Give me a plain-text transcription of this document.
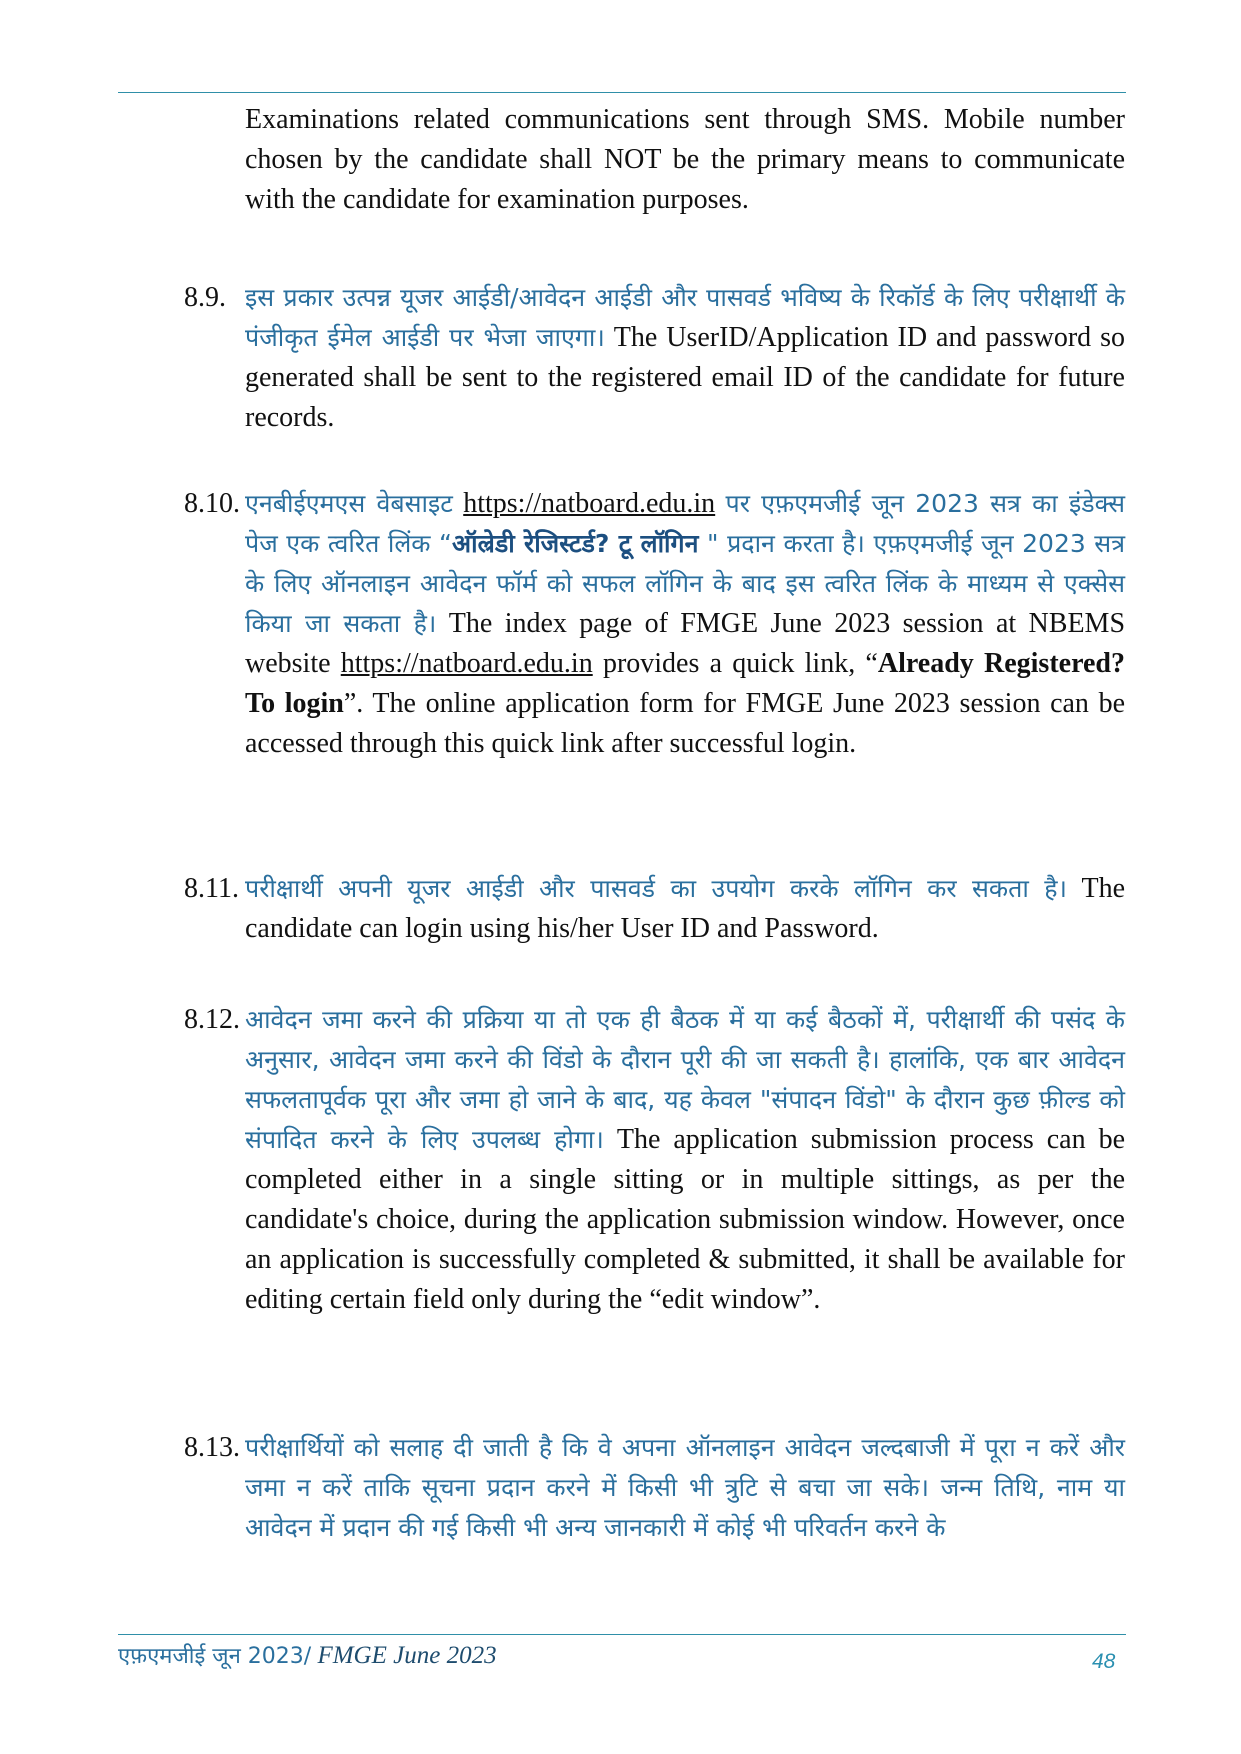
Examinations related communications sent through SMS. Mobile number chosen by the candidate shall NOT be the primary means to communicate with the candidate for examination purposes.
8.9. इस प्रकार उत्पन्न यूजर आईडी/आवेदन आईडी और पासवर्ड भविष्य के रिकॉर्ड के लिए परीक्षार्थी के पंजीकृत ईमेल आईडी पर भेजा जाएगा। The UserID/Application ID and password so generated shall be sent to the registered email ID of the candidate for future records.
8.10. एनबीईएमएस वेबसाइट https://natboard.edu.in पर एफ़एमजीई जून 2023 सत्र का इंडेक्स पेज एक त्वरित लिंक “ऑल्रेडी रेजिस्टर्ड? टू लॉगिन " प्रदान करता है। एफ़एमजीई जून 2023 सत्र के लिए ऑनलाइन आवेदन फॉर्म को सफल लॉगिन के बाद इस त्वरित लिंक के माध्यम से एक्सेस किया जा सकता है। The index page of FMGE June 2023 session at NBEMS website https://natboard.edu.in provides a quick link, “Already Registered? To login”. The online application form for FMGE June 2023 session can be accessed through this quick link after successful login.
8.11. परीक्षार्थी अपनी यूजर आईडी और पासवर्ड का उपयोग करके लॉगिन कर सकता है। The candidate can login using his/her User ID and Password.
8.12. आवेदन जमा करने की प्रक्रिया या तो एक ही बैठक में या कई बैठकों में, परीक्षार्थी की पसंद के अनुसार, आवेदन जमा करने की विंडो के दौरान पूरी की जा सकती है। हालांकि, एक बार आवेदन सफलतापूर्वक पूरा और जमा हो जाने के बाद, यह केवल "संपादन विंडो" के दौरान कुछ फ़ील्ड को संपादित करने के लिए उपलब्ध होगा। The application submission process can be completed either in a single sitting or in multiple sittings, as per the candidate's choice, during the application submission window. However, once an application is successfully completed & submitted, it shall be available for editing certain field only during the “edit window”.
8.13. परीक्षार्थियों को सलाह दी जाती है कि वे अपना ऑनलाइन आवेदन जल्दबाजी में पूरा न करें और जमा न करें ताकि सूचना प्रदान करने में किसी भी त्रुटि से बचा जा सके। जन्म तिथि, नाम या आवेदन में प्रदान की गई किसी भी अन्य जानकारी में कोई भी परिवर्तन करने के
एफ़एमजीई जून 2023/ FMGE June 2023	48
